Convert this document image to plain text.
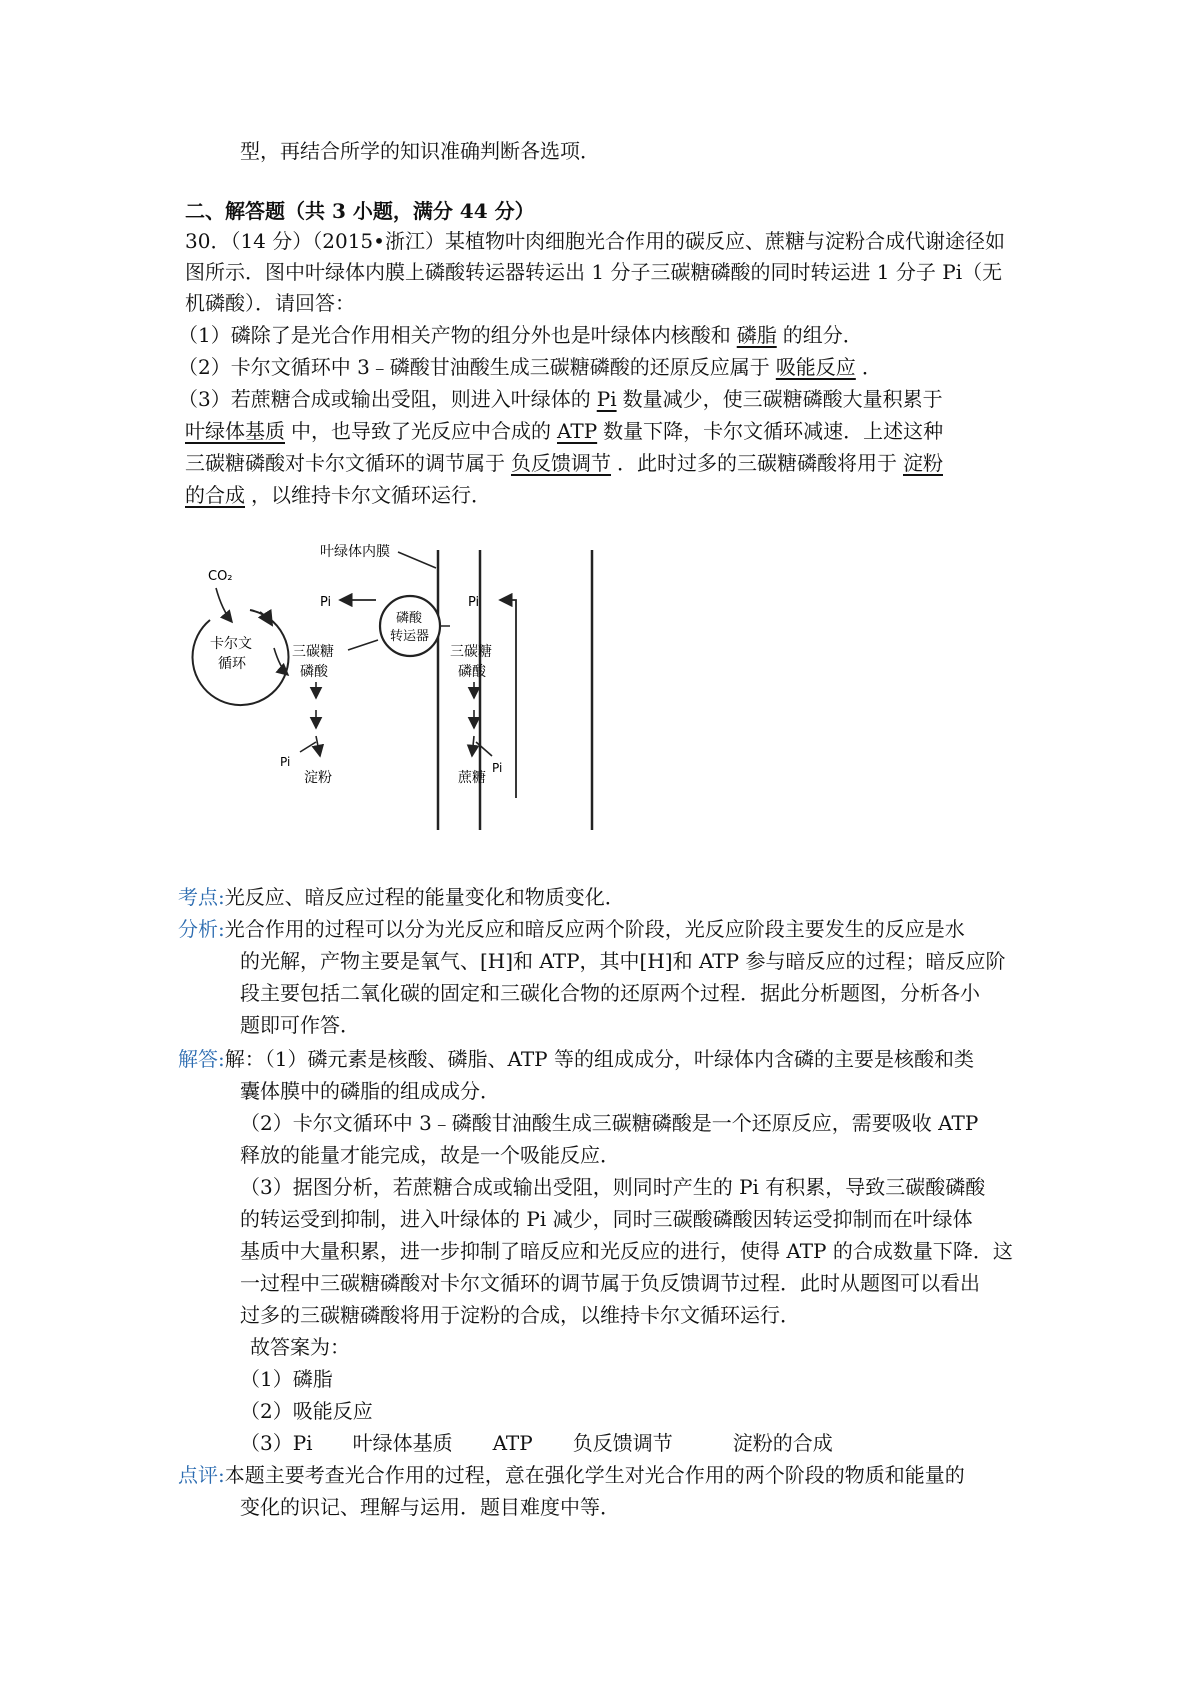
型，再结合所学的知识准确判断各选项．
二、解答题（共 3 小题，满分 44 分）
30．（14 分）（2015•浙江）某植物叶肉细胞光合作用的碳反应、蔗糖与淀粉合成代谢途径如
图所示．图中叶绿体内膜上磷酸转运器转运出 1 分子三碳糖磷酸的同时转运进 1 分子 Pi（无
机磷酸）．请回答：
（1）磷除了是光合作用相关产物的组分外也是叶绿体内核酸和 磷脂 的组分．
（2）卡尔文循环中 3﹣磷酸甘油酸生成三碳糖磷酸的还原反应属于 吸能反应 ．
（3）若蔗糖合成或输出受阻，则进入叶绿体的 Pi 数量减少，使三碳糖磷酸大量积累于
叶绿体基质 中，也导致了光反应中合成的 ATP 数量下降，卡尔文循环减速．上述这种
三碳糖磷酸对卡尔文循环的调节属于 负反馈调节 ．此时过多的三碳糖磷酸将用于 淀粉
的合成 ，以维持卡尔文循环运行．
叶绿体内膜
CO₂
卡尔文
循环
Pi
磷酸
转运器
三碳糖
磷酸
Pi
淀粉
Pi
三碳糖
磷酸
Pi
蔗糖
考点:光反应、暗反应过程的能量变化和物质变化．
分析:光合作用的过程可以分为光反应和暗反应两个阶段，光反应阶段主要发生的反应是水
的光解，产物主要是氧气、[H]和 ATP，其中[H]和 ATP 参与暗反应的过程；暗反应阶
段主要包括二氧化碳的固定和三碳化合物的还原两个过程．据此分析题图，分析各小
题即可作答．
解答:解：（1）磷元素是核酸、磷脂、ATP 等的组成成分，叶绿体内含磷的主要是核酸和类
囊体膜中的磷脂的组成成分．
（2）卡尔文循环中 3﹣磷酸甘油酸生成三碳糖磷酸是一个还原反应，需要吸收 ATP
释放的能量才能完成，故是一个吸能反应．
（3）据图分析，若蔗糖合成或输出受阻，则同时产生的 Pi 有积累，导致三碳酸磷酸
的转运受到抑制，进入叶绿体的 Pi 减少，同时三碳酸磷酸因转运受抑制而在叶绿体
基质中大量积累，进一步抑制了暗反应和光反应的进行，使得 ATP 的合成数量下降．这
一过程中三碳糖磷酸对卡尔文循环的调节属于负反馈调节过程．此时从题图可以看出
过多的三碳糖磷酸将用于淀粉的合成，以维持卡尔文循环运行．
故答案为：
（1）磷脂
（2）吸能反应
（3）Pi　　叶绿体基质　　ATP　　负反馈调节　　　淀粉的合成
点评:本题主要考查光合作用的过程，意在强化学生对光合作用的两个阶段的物质和能量的
变化的识记、理解与运用．题目难度中等．
